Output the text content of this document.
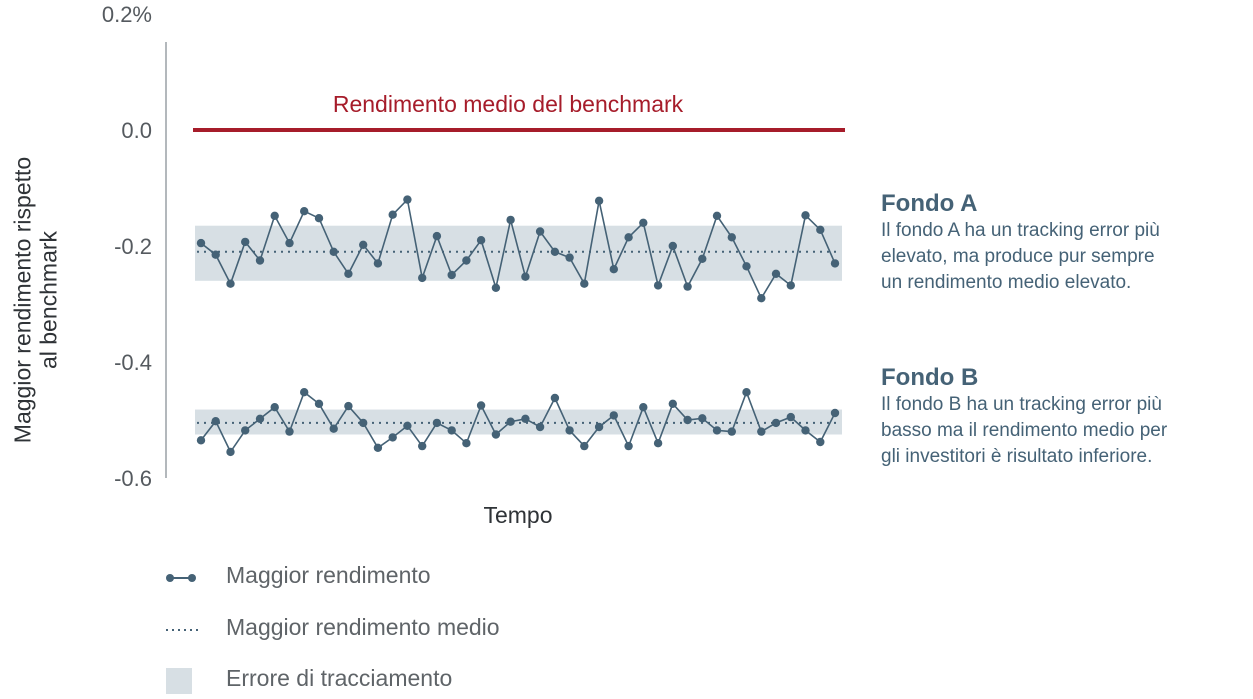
0.2%
0.0
-0.2
-0.4
-0.6
Maggior rendimento rispettoal benchmark
Tempo
Rendimento medio del benchmark
Fondo A
Il fondo A ha un tracking error più
elevato, ma produce pur sempre
un rendimento medio elevato.
Fondo B
Il fondo B ha un tracking error più
basso ma il rendimento medio per
gli investitori è risultato inferiore.
Maggior rendimento
Maggior rendimento medio
Errore di tracciamento
